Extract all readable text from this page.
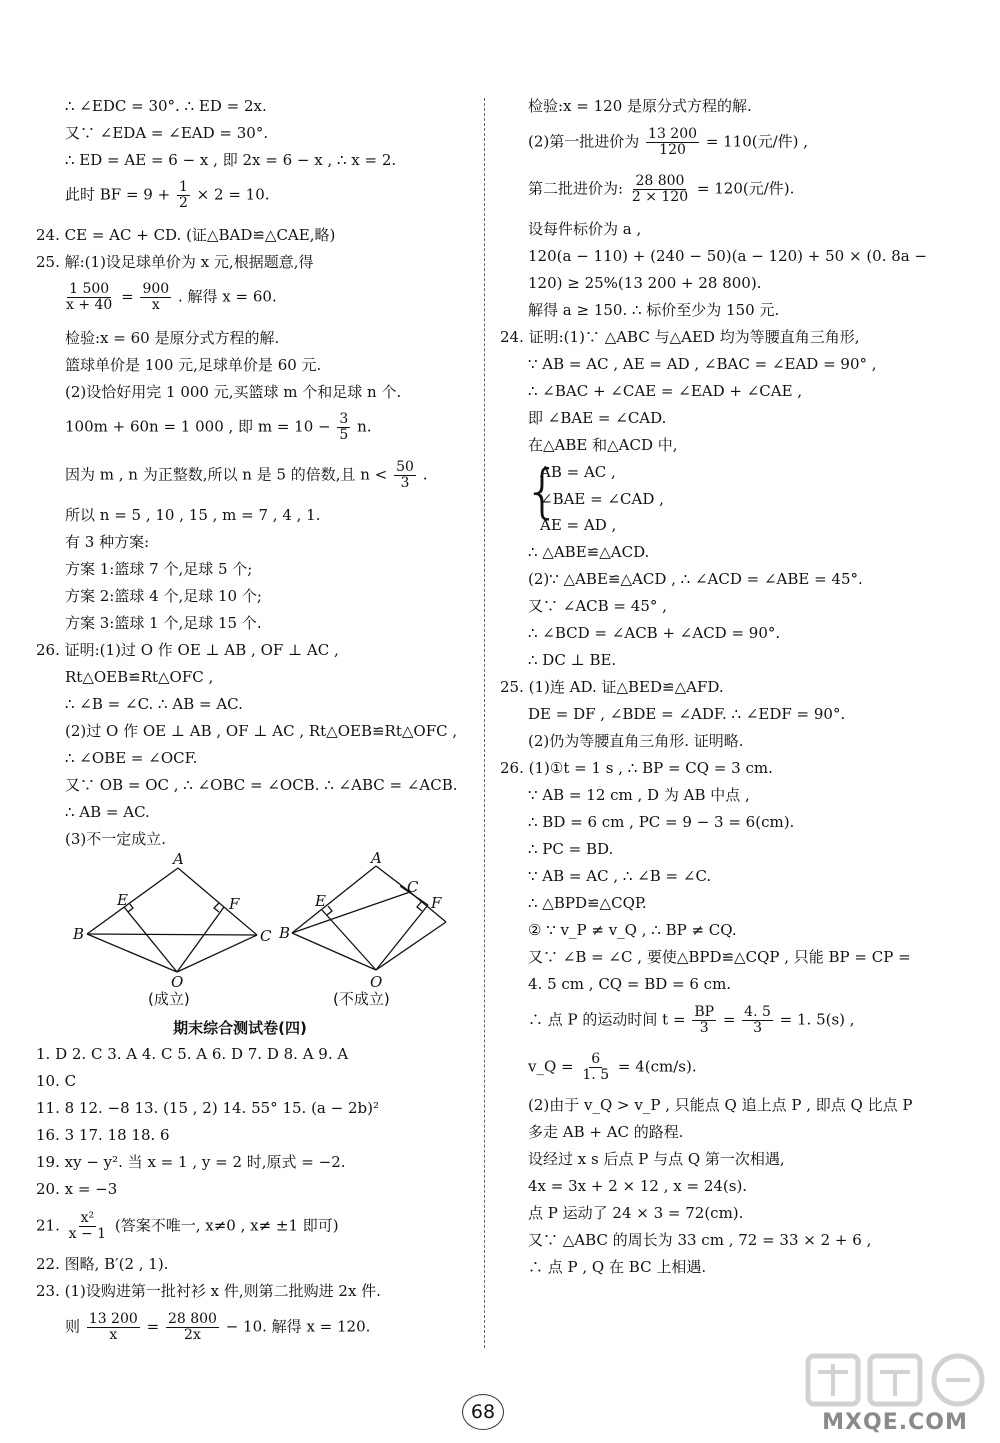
∴ ∠EDC = 30°. ∴ ED = 2x.
又∵ ∠EDA = ∠EAD = 30°.
∴ ED = AE = 6 − x , 即 2x = 6 − x , ∴ x = 2.
此时 BF = $9 + \frac{1}{2} \times 2 = 10$.
24. CE = AC + CD. (证△BAD≌△CAE,略)
25. 解:(1)设足球单价为 x 元,根据题意,得
$\frac{1 500}{x + 40} = \frac{900}{x}$ . 解得 x = 60.
检验:x = 60 是原分式方程的解.
篮球单价是 100 元,足球单价是 60 元.
(2)设恰好用完 1 000 元,买篮球 m 个和足球 n 个.
100m + 60n = 1 000 , 即 $m = 10 - \frac{3}{5} n$.
因为 m , n 为正整数,所以 n 是 5 的倍数,且 $n < \frac{50}{3}$ .
所以 n = 5 , 10 , 15 , m = 7 , 4 , 1.
有 3 种方案:
方案 1:篮球 7 个,足球 5 个;
方案 2:篮球 4 个,足球 10 个;
方案 3:篮球 1 个,足球 15 个.
26. 证明:(1)过 O 作 OE ⊥ AB , OF ⊥ AC ,
Rt△OEB≌Rt△OFC ,
∴ ∠B = ∠C. ∴ AB = AC.
(2)过 O 作 OE ⊥ AB , OF ⊥ AC , Rt△OEB≌Rt△OFC ,
∴ ∠OBE = ∠OCF.
又∵ OB = OC , ∴ ∠OBC = ∠OCB. ∴ ∠ABC = ∠ACB.
∴ AB = AC.
(3)不一定成立.
A
E	F
B	C
O
A
E
C
F
B
O
(成立)	(不成立)
期末综合测试卷(四)
1. D 2. C 3. A 4. C 5. A 6. D 7. D 8. A 9. A
10. C
11. 8 12. −8 13. (15 , 2) 14. 55° 15. (a − 2b)²
16. 3 17. 18 18. 6
19. xy − y². 当 x = 1 , y = 2 时,原式 = −2.
20. x = −3
21. $\frac{\text{x²}}{x - 1}$ (答案不唯一, x≠0 , x≠ ±1 即可)
22. 图略, B′(2 , 1).
23. (1)设购进第一批衬衫 x 件,则第二批购进 2x 件.
则 $\frac{13 200}{x} = \frac{28 800}{2x} - 10$. 解得 x = 120.
检验:x = 120 是原分式方程的解.
(2)第一批进价为 $\frac{13 200}{120} = 110$(元/件) ,
第二批进价为: $\frac{28 800}{2 \times 120} = 120$(元/件).
设每件标价为 a ,
120(a − 110) + (240 − 50)(a − 120) + 50 × (0. 8a −
120) ≥ 25%(13 200 + 28 800).
解得 a ≥ 150. ∴ 标价至少为 150 元.
24. 证明:(1)∵ △ABC 与△AED 均为等腰直角三角形,
∵ AB = AC , AE = AD , ∠BAC = ∠EAD = 90° ,
∴ ∠BAC + ∠CAE = ∠EAD + ∠CAE ,
即 ∠BAE = ∠CAD.
在△ABE 和△ACD 中,
{
AB = AC ,
∠BAE = ∠CAD ,
AE = AD ,
∴ △ABE≌△ACD.
(2)∵ △ABE≌△ACD , ∴ ∠ACD = ∠ABE = 45°.
又∵ ∠ACB = 45° ,
∴ ∠BCD = ∠ACB + ∠ACD = 90°.
∴ DC ⊥ BE.
25. (1)连 AD. 证△BED≌△AFD.
DE = DF , ∠BDE = ∠ADF. ∴ ∠EDF = 90°.
(2)仍为等腰直角三角形. 证明略.
26. (1)①t = 1 s , ∴ BP = CQ = 3 cm.
∵ AB = 12 cm , D 为 AB 中点 ,
∴ BD = 6 cm , PC = 9 − 3 = 6(cm).
∴ PC = BD.
∵ AB = AC , ∴ ∠B = ∠C.
∴ △BPD≌△CQP.
② ∵ v_P ≠ v_Q , ∴ BP ≠ CQ.
又∵ ∠B = ∠C , 要使△BPD≌△CQP , 只能 BP = CP =
4. 5 cm , CQ = BD = 6 cm.
∴ 点 P 的运动时间 $t = \frac{BP}{3} = \frac{4. 5}{3} = 1$. 5(s) ,
v_Q = $\frac{6}{1. 5} = 4(cm/s)$.
(2)由于 v_Q > v_P , 只能点 Q 追上点 P , 即点 Q 比点 P
多走 AB + AC 的路程.
设经过 x s 后点 P 与点 Q 第一次相遇,
4x = 3x + 2 × 12 , x = 24(s).
点 P 运动了 24 × 3 = 72(cm).
又∵ △ABC 的周长为 33 cm , 72 = 33 × 2 + 6 ,
∴ 点 P , Q 在 BC 上相遇.
68	MXQE.COM
